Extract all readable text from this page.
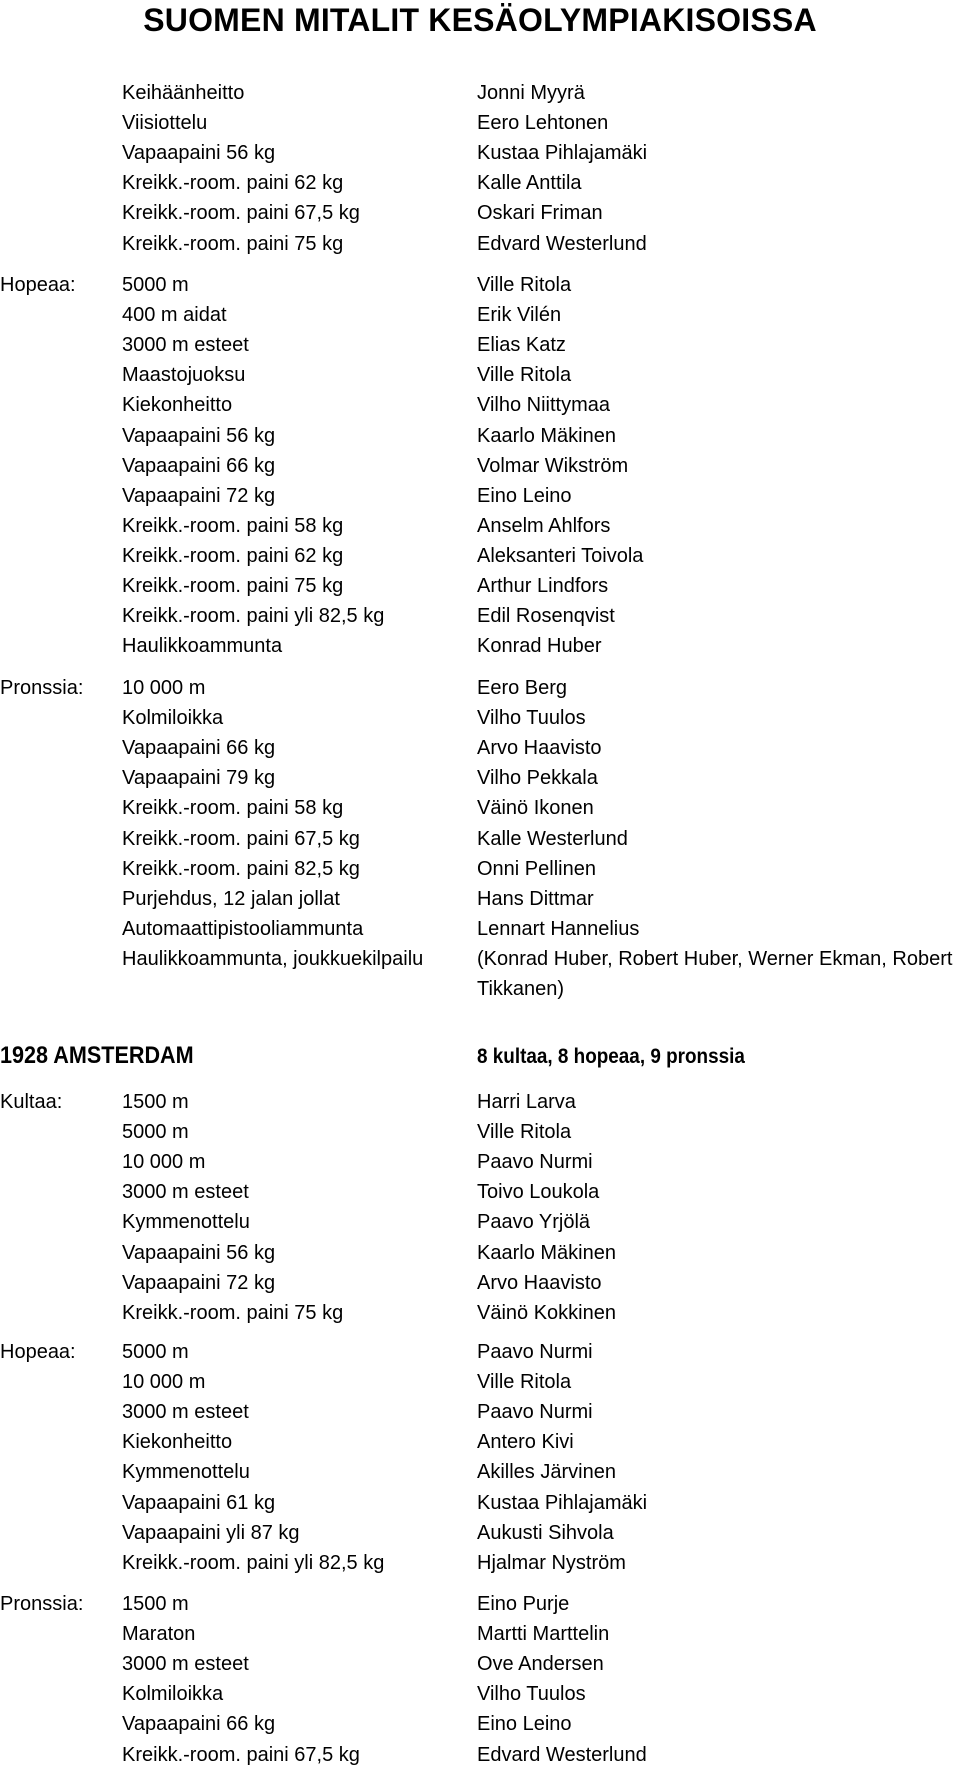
SUOMEN MITALIT KESÄOLYMPIAKISOISSA
Keihäänheitto	Jonni Myyrä
Viisiottelu	Eero Lehtonen
Vapaapaini 56 kg	Kustaa Pihlajamäki
Kreikk.-room. paini 62 kg	Kalle Anttila
Kreikk.-room. paini 67,5 kg	Oskari Friman
Kreikk.-room. paini 75 kg	Edvard Westerlund
Hopeaa: 5000 m	Ville Ritola
400 m aidat	Erik Vilén
3000 m esteet	Elias Katz
Maastojuoksu	Ville Ritola
Kiekonheitto	Vilho Niittymaa
Vapaapaini 56 kg	Kaarlo Mäkinen
Vapaapaini 66 kg	Volmar Wikström
Vapaapaini 72 kg	Eino Leino
Kreikk.-room. paini 58 kg	Anselm Ahlfors
Kreikk.-room. paini 62 kg	Aleksanteri Toivola
Kreikk.-room. paini 75 kg	Arthur Lindfors
Kreikk.-room. paini yli 82,5 kg	Edil Rosenqvist
Haulikkoammunta	Konrad Huber
Pronssia: 10 000 m	Eero Berg
Kolmiloikka	Vilho Tuulos
Vapaapaini 66 kg	Arvo Haavisto
Vapaapaini 79 kg	Vilho Pekkala
Kreikk.-room. paini 58 kg	Väinö Ikonen
Kreikk.-room. paini 67,5 kg	Kalle Westerlund
Kreikk.-room. paini 82,5 kg	Onni Pellinen
Purjehdus, 12 jalan jollat	Hans Dittmar
Automaattipistooliammunta	Lennart Hannelius
Haulikkoammunta, joukkuekilpailu	(Konrad Huber, Robert Huber, Werner Ekman, Robert Tikkanen)
1928 AMSTERDAM	8 kultaa, 8 hopeaa, 9 pronssia
Kultaa:	1500 m	Harri Larva
5000 m	Ville Ritola
10 000 m	Paavo Nurmi
3000 m esteet	Toivo Loukola
Kymmenottelu	Paavo Yrjölä
Vapaapaini 56 kg	Kaarlo Mäkinen
Vapaapaini 72 kg	Arvo Haavisto
Kreikk.-room. paini 75 kg	Väinö Kokkinen
Hopeaa: 5000 m	Paavo Nurmi
10 000 m	Ville Ritola
3000 m esteet	Paavo Nurmi
Kiekonheitto	Antero Kivi
Kymmenottelu	Akilles Järvinen
Vapaapaini 61 kg	Kustaa Pihlajamäki
Vapaapaini yli 87 kg	Aukusti Sihvola
Kreikk.-room. paini yli 82,5 kg	Hjalmar Nyström
Pronssia: 1500 m	Eino Purje
Maraton	Martti Marttelin
3000 m esteet	Ove Andersen
Kolmiloikka	Vilho Tuulos
Vapaapaini 66 kg	Eino Leino
Kreikk.-room. paini 67,5 kg	Edvard Westerlund
